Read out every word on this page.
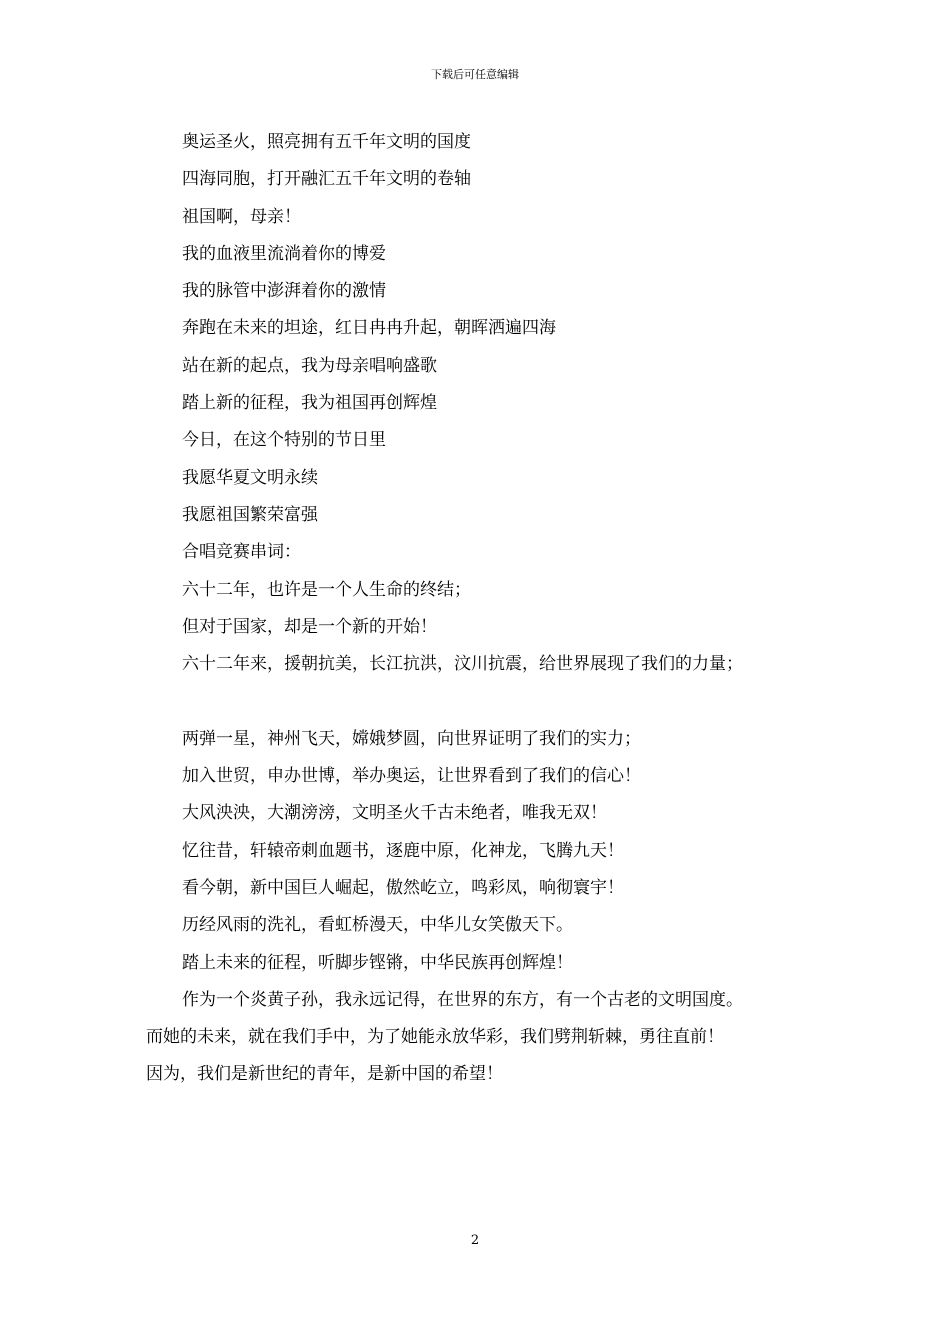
下载后可任意编辑
奥运圣火，照亮拥有五千年文明的国度
四海同胞，打开融汇五千年文明的卷轴
祖国啊，母亲！
我的血液里流淌着你的博爱
我的脉管中澎湃着你的激情
奔跑在未来的坦途，红日冉冉升起，朝晖洒遍四海
站在新的起点，我为母亲唱响盛歌
踏上新的征程，我为祖国再创辉煌
今日，在这个特别的节日里
我愿华夏文明永续
我愿祖国繁荣富强
合唱竞赛串词：
六十二年，也许是一个人生命的终结；
但对于国家，却是一个新的开始！
六十二年来，援朝抗美，长江抗洪，汶川抗震，给世界展现了我们的力量；
两弹一星，神州飞天，嫦娥梦圆，向世界证明了我们的实力；
加入世贸，申办世博，举办奥运，让世界看到了我们的信心！
大风泱泱，大潮滂滂，文明圣火千古未绝者，唯我无双！
忆往昔，轩辕帝刺血题书，逐鹿中原，化神龙，飞腾九天！
看今朝，新中国巨人崛起，傲然屹立，鸣彩凤，响彻寰宇！
历经风雨的洗礼，看虹桥漫天，中华儿女笑傲天下。
踏上未来的征程，听脚步铿锵，中华民族再创辉煌！
作为一个炎黄子孙，我永远记得，在世界的东方，有一个古老的文明国度。
而她的未来，就在我们手中，为了她能永放华彩，我们劈荆斩棘，勇往直前！
因为，我们是新世纪的青年，是新中国的希望！
2
